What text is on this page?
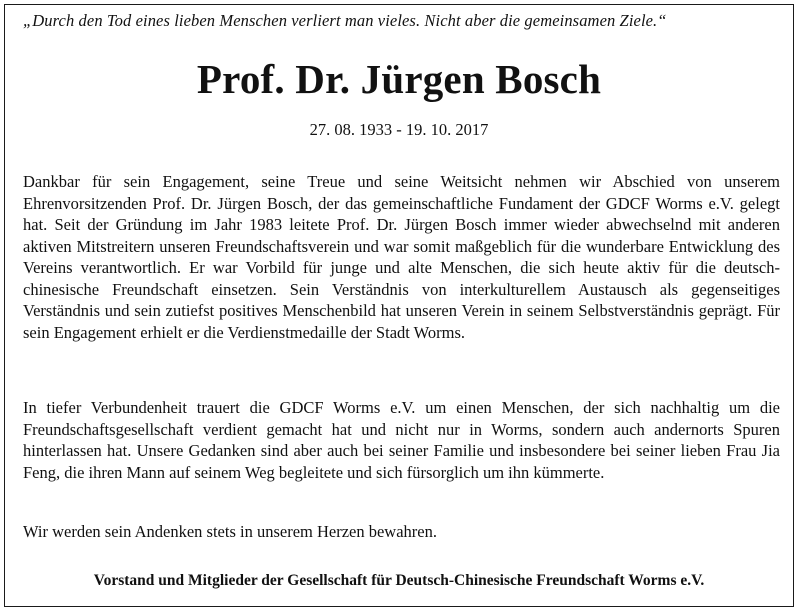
„Durch den Tod eines lieben Menschen verliert man vieles. Nicht aber die gemeinsamen Ziele.“
Prof. Dr. Jürgen Bosch
27. 08. 1933 - 19. 10. 2017
Dankbar für sein Engagement, seine Treue und seine Weitsicht nehmen wir Abschied von unserem Ehrenvorsitzenden Prof. Dr. Jürgen Bosch, der das gemeinschaftliche Fundament der GDCF Worms e.V. gelegt hat. Seit der Gründung im Jahr 1983 leitete Prof. Dr. Jürgen Bosch immer wieder abwechselnd mit anderen aktiven Mitstreitern unseren Freundschaftsverein und war somit maßgeblich für die wunderbare Entwicklung des Vereins verantwortlich. Er war Vorbild für junge und alte Menschen, die sich heute aktiv für die deutsch-chinesische Freundschaft einsetzen. Sein Verständnis von interkulturellem Austausch als gegenseitiges Verständnis und sein zutiefst positives Menschenbild hat unseren Verein in seinem Selbstverständnis geprägt. Für sein Engagement erhielt er die Verdienstmedaille der Stadt Worms.
In tiefer Verbundenheit trauert die GDCF Worms e.V. um einen Menschen, der sich nachhaltig um die Freundschaftsgesellschaft verdient gemacht hat und nicht nur in Worms, sondern auch andernorts Spuren hinterlassen hat. Unsere Gedanken sind aber auch bei seiner Familie und insbesondere bei seiner lieben Frau Jia Feng, die ihren Mann auf seinem Weg begleitete und sich fürsorglich um ihn kümmerte.
Wir werden sein Andenken stets in unserem Herzen bewahren.
Vorstand und Mitglieder der Gesellschaft für Deutsch-Chinesische Freundschaft Worms e.V.
